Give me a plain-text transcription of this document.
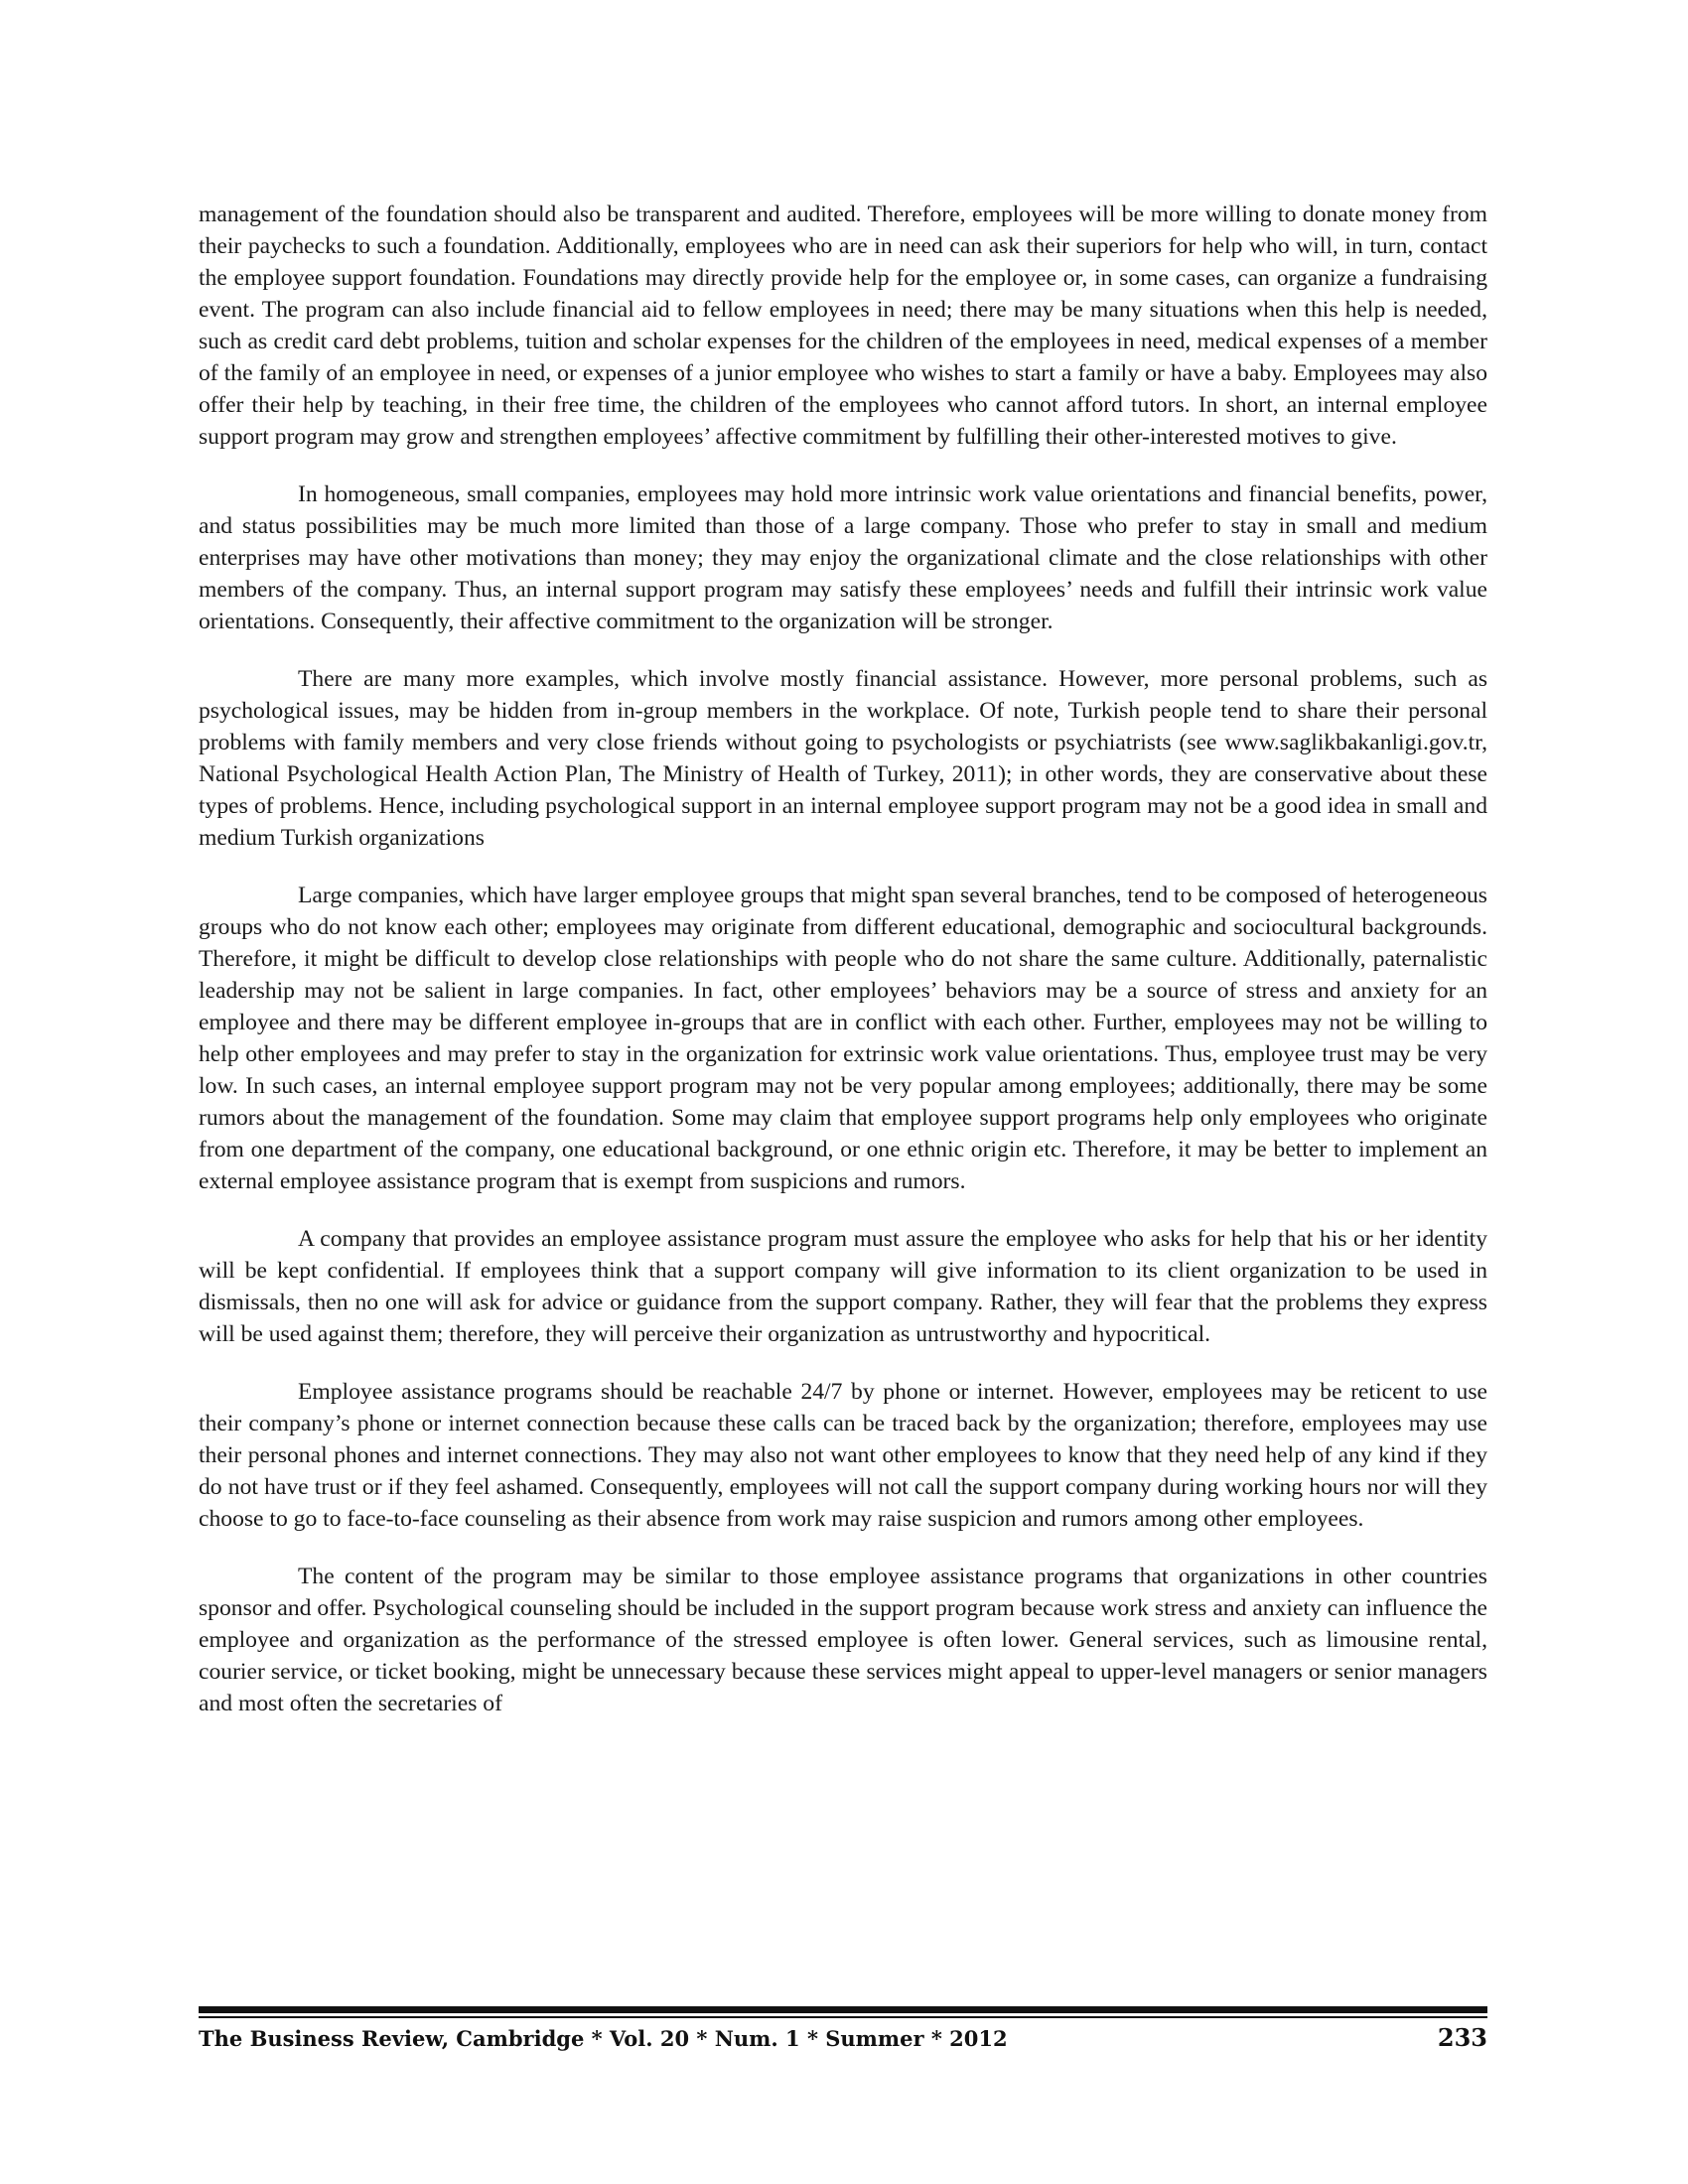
management of the foundation should also be transparent and audited. Therefore, employees will be more willing to donate money from their paychecks to such a foundation. Additionally, employees who are in need can ask their superiors for help who will, in turn, contact the employee support foundation. Foundations may directly provide help for the employee or, in some cases, can organize a fundraising event. The program can also include financial aid to fellow employees in need; there may be many situations when this help is needed, such as credit card debt problems, tuition and scholar expenses for the children of the employees in need, medical expenses of a member of the family of an employee in need, or expenses of a junior employee who wishes to start a family or have a baby. Employees may also offer their help by teaching, in their free time, the children of the employees who cannot afford tutors. In short, an internal employee support program may grow and strengthen employees’ affective commitment by fulfilling their other-interested motives to give.

In homogeneous, small companies, employees may hold more intrinsic work value orientations and financial benefits, power, and status possibilities may be much more limited than those of a large company. Those who prefer to stay in small and medium enterprises may have other motivations than money; they may enjoy the organizational climate and the close relationships with other members of the company. Thus, an internal support program may satisfy these employees’ needs and fulfill their intrinsic work value orientations. Consequently, their affective commitment to the organization will be stronger.

There are many more examples, which involve mostly financial assistance. However, more personal problems, such as psychological issues, may be hidden from in-group members in the workplace. Of note, Turkish people tend to share their personal problems with family members and very close friends without going to psychologists or psychiatrists (see www.saglikbakanligi.gov.tr, National Psychological Health Action Plan, The Ministry of Health of Turkey, 2011); in other words, they are conservative about these types of problems. Hence, including psychological support in an internal employee support program may not be a good idea in small and medium Turkish organizations

Large companies, which have larger employee groups that might span several branches, tend to be composed of heterogeneous groups who do not know each other; employees may originate from different educational, demographic and sociocultural backgrounds. Therefore, it might be difficult to develop close relationships with people who do not share the same culture. Additionally, paternalistic leadership may not be salient in large companies. In fact, other employees’ behaviors may be a source of stress and anxiety for an employee and there may be different employee in-groups that are in conflict with each other. Further, employees may not be willing to help other employees and may prefer to stay in the organization for extrinsic work value orientations. Thus, employee trust may be very low. In such cases, an internal employee support program may not be very popular among employees; additionally, there may be some rumors about the management of the foundation. Some may claim that employee support programs help only employees who originate from one department of the company, one educational background, or one ethnic origin etc. Therefore, it may be better to implement an external employee assistance program that is exempt from suspicions and rumors.

A company that provides an employee assistance program must assure the employee who asks for help that his or her identity will be kept confidential. If employees think that a support company will give information to its client organization to be used in dismissals, then no one will ask for advice or guidance from the support company. Rather, they will fear that the problems they express will be used against them; therefore, they will perceive their organization as untrustworthy and hypocritical.

Employee assistance programs should be reachable 24/7 by phone or internet. However, employees may be reticent to use their company’s phone or internet connection because these calls can be traced back by the organization; therefore, employees may use their personal phones and internet connections. They may also not want other employees to know that they need help of any kind if they do not have trust or if they feel ashamed. Consequently, employees will not call the support company during working hours nor will they choose to go to face-to-face counseling as their absence from work may raise suspicion and rumors among other employees.

The content of the program may be similar to those employee assistance programs that organizations in other countries sponsor and offer. Psychological counseling should be included in the support program because work stress and anxiety can influence the employee and organization as the performance of the stressed employee is often lower. General services, such as limousine rental, courier service, or ticket booking, might be unnecessary because these services might appeal to upper-level managers or senior managers and most often the secretaries of

The Business Review, Cambridge * Vol. 20 * Num. 1 * Summer * 2012	233
